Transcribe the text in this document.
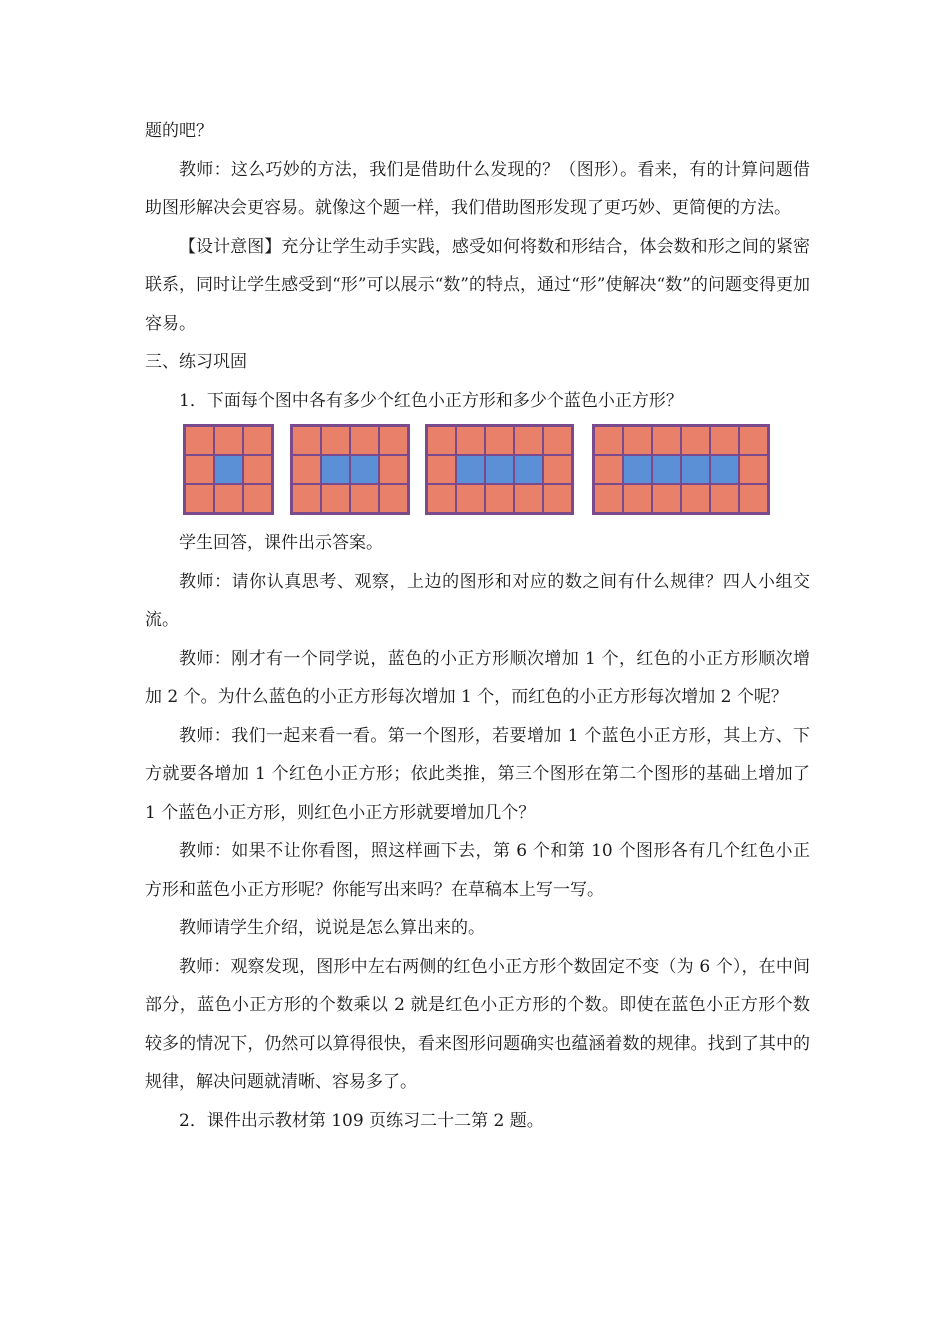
题的吧？

教师：这么巧妙的方法，我们是借助什么发现的？（图形）。看来，有的计算问题借助图形解决会更容易。就像这个题一样，我们借助图形发现了更巧妙、更简便的方法。

【设计意图】充分让学生动手实践，感受如何将数和形结合，体会数和形之间的紧密联系，同时让学生感受到“形”可以展示“数”的特点，通过“形”使解决“数”的问题变得更加容易。

三、练习巩固

1．下面每个图中各有多少个红色小正方形和多少个蓝色小正方形？

学生回答，课件出示答案。

教师：请你认真思考、观察，上边的图形和对应的数之间有什么规律？四人小组交流。

教师：刚才有一个同学说，蓝色的小正方形顺次增加 1 个，红色的小正方形顺次增加 2 个。为什么蓝色的小正方形每次增加 1 个，而红色的小正方形每次增加 2 个呢？

教师：我们一起来看一看。第一个图形，若要增加 1 个蓝色小正方形，其上方、下方就要各增加 1 个红色小正方形；依此类推，第三个图形在第二个图形的基础上增加了 1 个蓝色小正方形，则红色小正方形就要增加几个？

教师：如果不让你看图，照这样画下去，第 6 个和第 10 个图形各有几个红色小正方形和蓝色小正方形呢？你能写出来吗？在草稿本上写一写。

教师请学生介绍，说说是怎么算出来的。

教师：观察发现，图形中左右两侧的红色小正方形个数固定不变（为 6 个），在中间部分，蓝色小正方形的个数乘以 2 就是红色小正方形的个数。即使在蓝色小正方形个数较多的情况下，仍然可以算得很快，看来图形问题确实也蕴涵着数的规律。找到了其中的规律，解决问题就清晰、容易多了。

2．课件出示教材第 109 页练习二十二第 2 题。
